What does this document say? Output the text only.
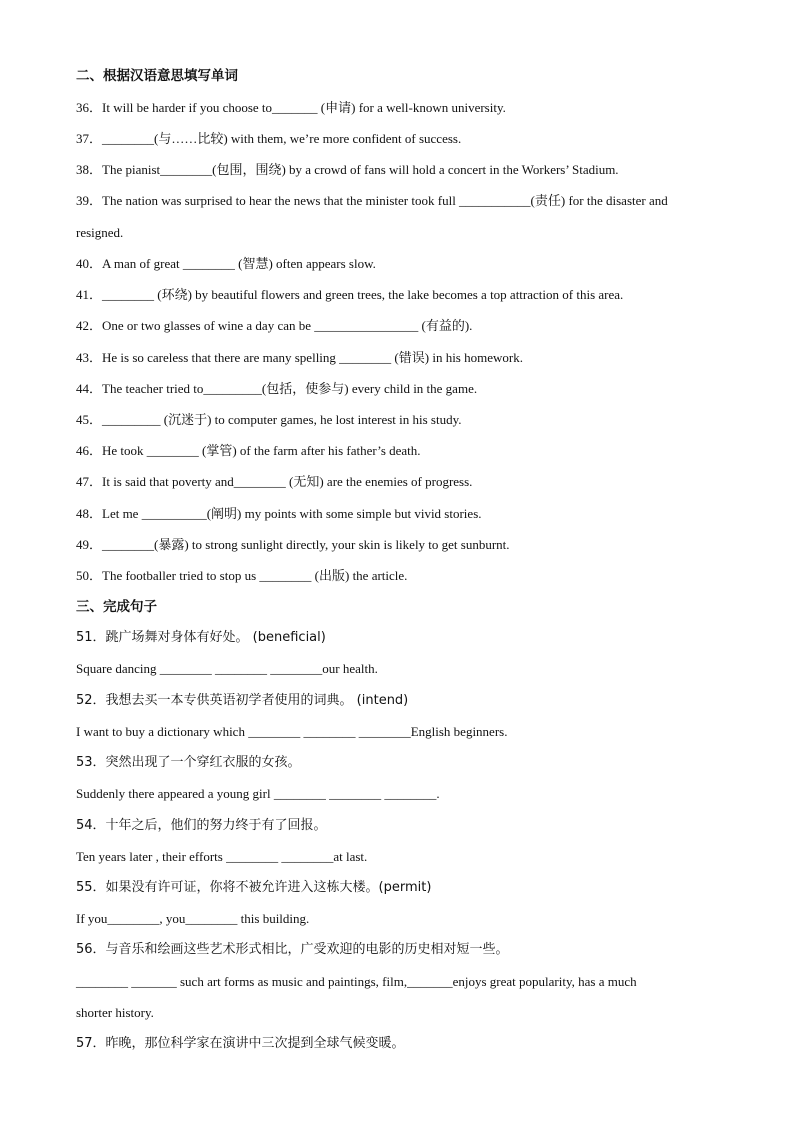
二、根据汉语意思填写单词
36．It will be harder if you choose to_______ (申请) for a well-known university.
37．________(与……比较) with them, we’re more confident of success.
38．The pianist________(包围，围绕) by a crowd of fans will hold a concert in the Workers’ Stadium.
39．The nation was surprised to hear the news that the minister took full ___________(责任) for the disaster and
resigned.
40．A man of great ________ (智慧) often appears slow.
41．________ (环绕) by beautiful flowers and green trees, the lake becomes a top attraction of this area.
42．One or two glasses of wine a day can be ________________ (有益的).
43．He is so careless that there are many spelling ________ (错误) in his homework.
44．The teacher tried to_________(包括，使参与) every child in the game.
45．_________ (沉迷于) to computer games, he lost interest in his study.
46．He took ________ (掌管) of the farm after his father’s death.
47．It is said that poverty and________ (无知) are the enemies of progress.
48．Let me __________(阐明) my points with some simple but vivid stories.
49．________(暴露) to strong sunlight directly, your skin is likely to get sunburnt.
50．The footballer tried to stop us ________ (出版) the article.
三、完成句子
51．跳广场舞对身体有好处。 (beneficial)
Square dancing ________ ________ ________our health.
52．我想去买一本专供英语初学者使用的词典。 (intend)
I want to buy a dictionary which ________ ________ ________English beginners.
53．突然出现了一个穿红衣服的女孩。
Suddenly there appeared a young girl ________ ________ ________.
54．十年之后，他们的努力终于有了回报。
Ten years later , their efforts ________ ________at last.
55．如果没有许可证，你将不被允许进入这栋大楼。(permit)
If you________, you________ this building.
56．与音乐和绘画这些艺术形式相比，广受欢迎的电影的历史相对短一些。
________ _______ such art forms as music and paintings, film,_______enjoys great popularity, has a much
shorter history.
57．昨晚，那位科学家在演讲中三次提到全球气候变暖。
